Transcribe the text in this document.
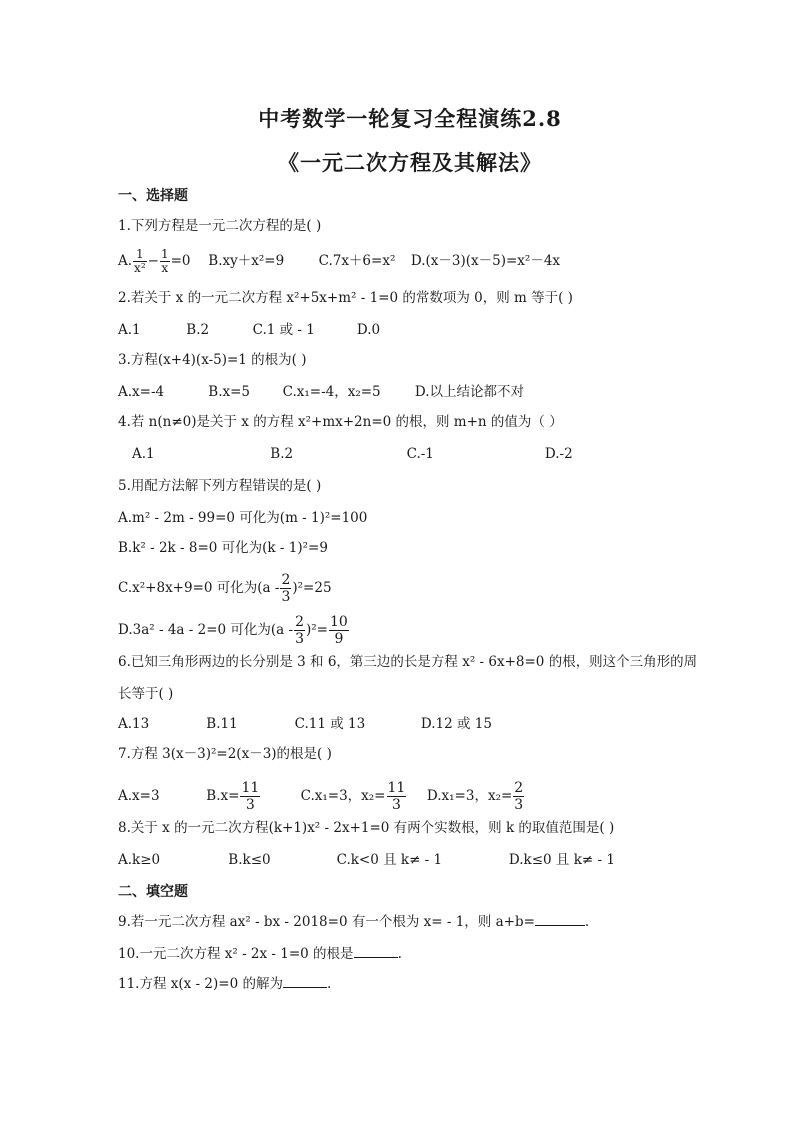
中考数学一轮复习全程演练2.8
《一元二次方程及其解法》
一、选择题
1.下列方程是一元二次方程的是( )
A. $\frac{1}{\text{x²}} - \frac{1}{x} =0$ B.xy＋x²=9	C.7x＋6=x² D.(x－3)(x－5)=x²－4x
2.若关于 x 的一元二次方程 x²+5x+m² - 1=0 的常数项为 0，则 m 等于( )
A.1	B.2	C.1 或 - 1	D.0
3.方程(x+4)(x-5)=1 的根为( )
A.x=-4	B.x=5 C.x₁=-4，x₂=5	D.以上结论都不对
4.若 n(n≠0)是关于 x 的方程 x²+mx+2n=0 的根，则 m+n 的值为（ ）
A.1	B.2	C.-1	D.-2
5.用配方法解下列方程错误的是( )
A.m² - 2m - 99=0 可化为(m - 1)²=100
B.k² - 2k - 8=0 可化为(k - 1)²=9
C.x²+8x+9=0 可化为$(a - \frac{2}{3} )^2=25$
D.3a² - 4a - 2=0 可化为$(a - \frac{2}{3} )^2= \frac{10}{9}$
6.已知三角形两边的长分别是 3 和 6，第三边的长是方程 x² - 6x+8=0 的根，则这个三角形的周
长等于( )
A.13	B.11	C.11 或 13	D.12 或 15
7.方程 3(x－3)²=2(x－3)的根是( )
A.x=3	$B.x= \frac{11}{3}$	C.x₁=3，$x_2= \frac{11}{3} D.x_1=3$，$x_2= \frac{2}{3}$
8.关于 x 的一元二次方程(k+1)x² - 2x+1=0 有两个实数根，则 k 的取值范围是( )
A.k≥0	B.k≤0	C.k<0 且 k≠ - 1	D.k≤0 且 k≠ - 1
二、填空题
9.若一元二次方程 ax² - bx - 2018=0 有一个根为 x= - 1，则 a+b=	.
10.一元二次方程 x² - 2x - 1=0 的根是	.
11.方程 x(x - 2)=0 的解为	.
